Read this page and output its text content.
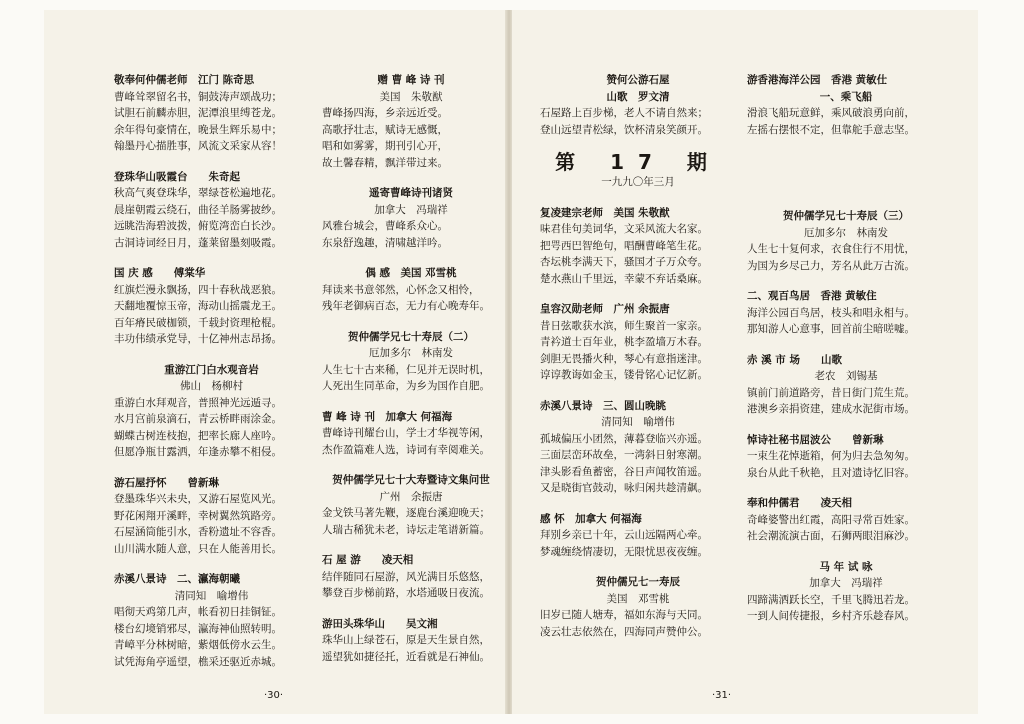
敬奉何仲儒老师　江门 陈奇思
曹峰耸翠留名书，铜鼓涛声颂战功；
试胆石前麟赤胆，泥潭浪里缚苍龙。
余年得句豪情在，晚景生辉乐易中；
翰墨丹心描胜事，风流文采家从容！
登珠华山吸霞台　　朱奇起
秋高气爽登珠华，翠绿苍松遍地花。
晨崖朝霞云绕石，曲径羊肠雾披纱。
远眺浩海碧波拨，俯览湾峦白长沙。
古洞诗词经日月，蓬莱留墨刻吸霞。
国 庆 感　　傅棠华
红旗烂漫永飘扬，四十春秋战恶狼。
天翻地覆惊玉帝，海动山摇震龙王。
百年瘠民破枷锁，千载封资理枪棍。
丰功伟绩承党导，十亿神州志昂扬。
重游江门白水观音岩
佛山　杨柳村
重游白水拜观音，普照神光远遁寻。
水月宫前泉滴石，青云桥畔雨涂金。
蝴蝶古树连枝抱，把率长廊人座吟。
但愿净瓶甘露洒，年逢赤攀不相侵。
游石屋抒怀　　曾新琳
登墨珠华兴未央，又游石屋览风光。
野花闲翔开溪畔，幸树翼然筑路旁。
石屋涵筒能引水，香粉遗址不容香。
山川满水随人意，只在人能善用长。
赤溪八景诗　二、瀛海朝曦
清同知　喻增伟
唱彻天鸡第几声，帐看初日挂铜钲。
楼台幻境销邪尽，瀛海神仙照转明。
青嶂平分林树暗，紫烟低傍水云生。
试凭海角亭遥望，樵采还驱近赤城。
赠 曹 峰 诗 刊
美国　朱敬猷
曹峰扬四海，乡亲远近受。
高歌抒壮志，赋诗无感慨，
唱和如雾雾，期刊引心开，
故土馨春精，飘洋带过来。
遥寄曹峰诗刊诸贤
加拿大　冯瑞祥
风雅台城会，曹峰系众心。
东泉舒逸趣，清啸越洋吟。
偶 感　美国 邓雪桃
拜读来书意邻然，心怀念又相怜，
残年老御病百态，无力有心晚寿年。
贺仲儒学兄七十寿辰（二）
厄加多尔　林南发
人生七十古来稀，仁见并无误时机，
人死出生同革命，为乡为国作自肥。
曹 峰 诗 刊　加拿大 何福海
曹峰诗刊耀台山，学士才华视等闲，
杰作盈篇难人选，诗词有幸阅难关。
贺仲儒学兄七十大寿暨诗文集问世
广州　余振唐
金戈铁马著先鞭，逐鹿台溪迎晚天；
人瑞古稀犹未老，诗坛走笔谱新篇。
石 屋 游　　凌天相
结伴随同石屋游，风光满目乐悠悠，
攀登百步梯前路，水塔通吸日夜流。
游田头珠华山　　吴文湘
珠华山上绿苍石，原是天生景自然，
遥望犹如捷径托，近看就是石神仙。
·30·
赞何公游石屋
山歌　罗文清
石屋路上百步梯，老人不请自然来；
登山远望青松绿，饮杯清泉笑颜开。
第 17 期
一九九〇年三月
复凌建宗老师　美国 朱敬猷
味君佳句美词华，文采风流大名家。
把咢西巴智绝句，唱酬曹峰笔生花。
杏坛桃李满天下，骚国才子万众夸。
楚水燕山千里远，幸蒙不弃话桑麻。
皇容汉勋老师　广州 余振唐
昔日弦歌获水滨，师生聚首一家亲。
青衿道士百年业，桃李盈墙万木春。
剑胆无畏播火种，琴心有意指迷津。
谆谆教诲如金玉，镂骨铭心记忆新。
赤溪八景诗　三、圆山晚眺
清同知　喻增伟
孤城偏压小团然，薄暮登临兴亦遥。
三面层峦环故垒，一湾斜日射寒潮。
津头影看鱼蓄密，谷日声闻牧笛遥。
又是晓街官鼓动，咏归闲共趁清飙。
感 怀　加拿大 何福海
拜别乡亲已十年，云山远隔两心牵。
梦魂缠绕情凄切，无限忧思夜夜缠。
贺仲儒兄七一寿辰
美国　邓雪桃
旧岁已随人塘寿，福如东海与天同。
凌云壮志依然在，四海同声赞仲公。
游香港海洋公园　香港 黄敏仕
一、乘飞船
滑浪飞船玩意鲜，乘风破浪勇向前，
左摇右摆恨不定，但靠舵手意志坚。
贺仲儒学兄七十寿辰（三）
厄加多尔　林南发
人生七十复何求，衣食住行不用忧，
为国为乡尽己力，芳名从此万古流。
二、观百鸟居　香港 黄敏住
海洋公园百鸟居，枝头和唱永相与。
那知游人心意事，回首前尘暗嗟嘘。
赤 溪 市 场　　山歌
老农　刘锡基
镇前门前道路旁，昔日街门荒生荒。
港澳乡亲捐资建，建成水泥街市场。
悼诗社秘书屈波公　　曾新琳
一束生花悼逝箱，何为归去急匆匆。
泉台从此千秋艳，且对遗诗忆旧容。
奉和仲儒君　　凌天相
奇峰婆警出红霞，高阳寻常百姓家。
社会潮流演古面，石狮两眼泪麻沙。
马 年 试 咏
加拿大　冯瑞祥
四蹄满洒跃长空，千里飞腾迅若龙。
一到人间传捷报，乡村齐乐趁春风。
·31·
